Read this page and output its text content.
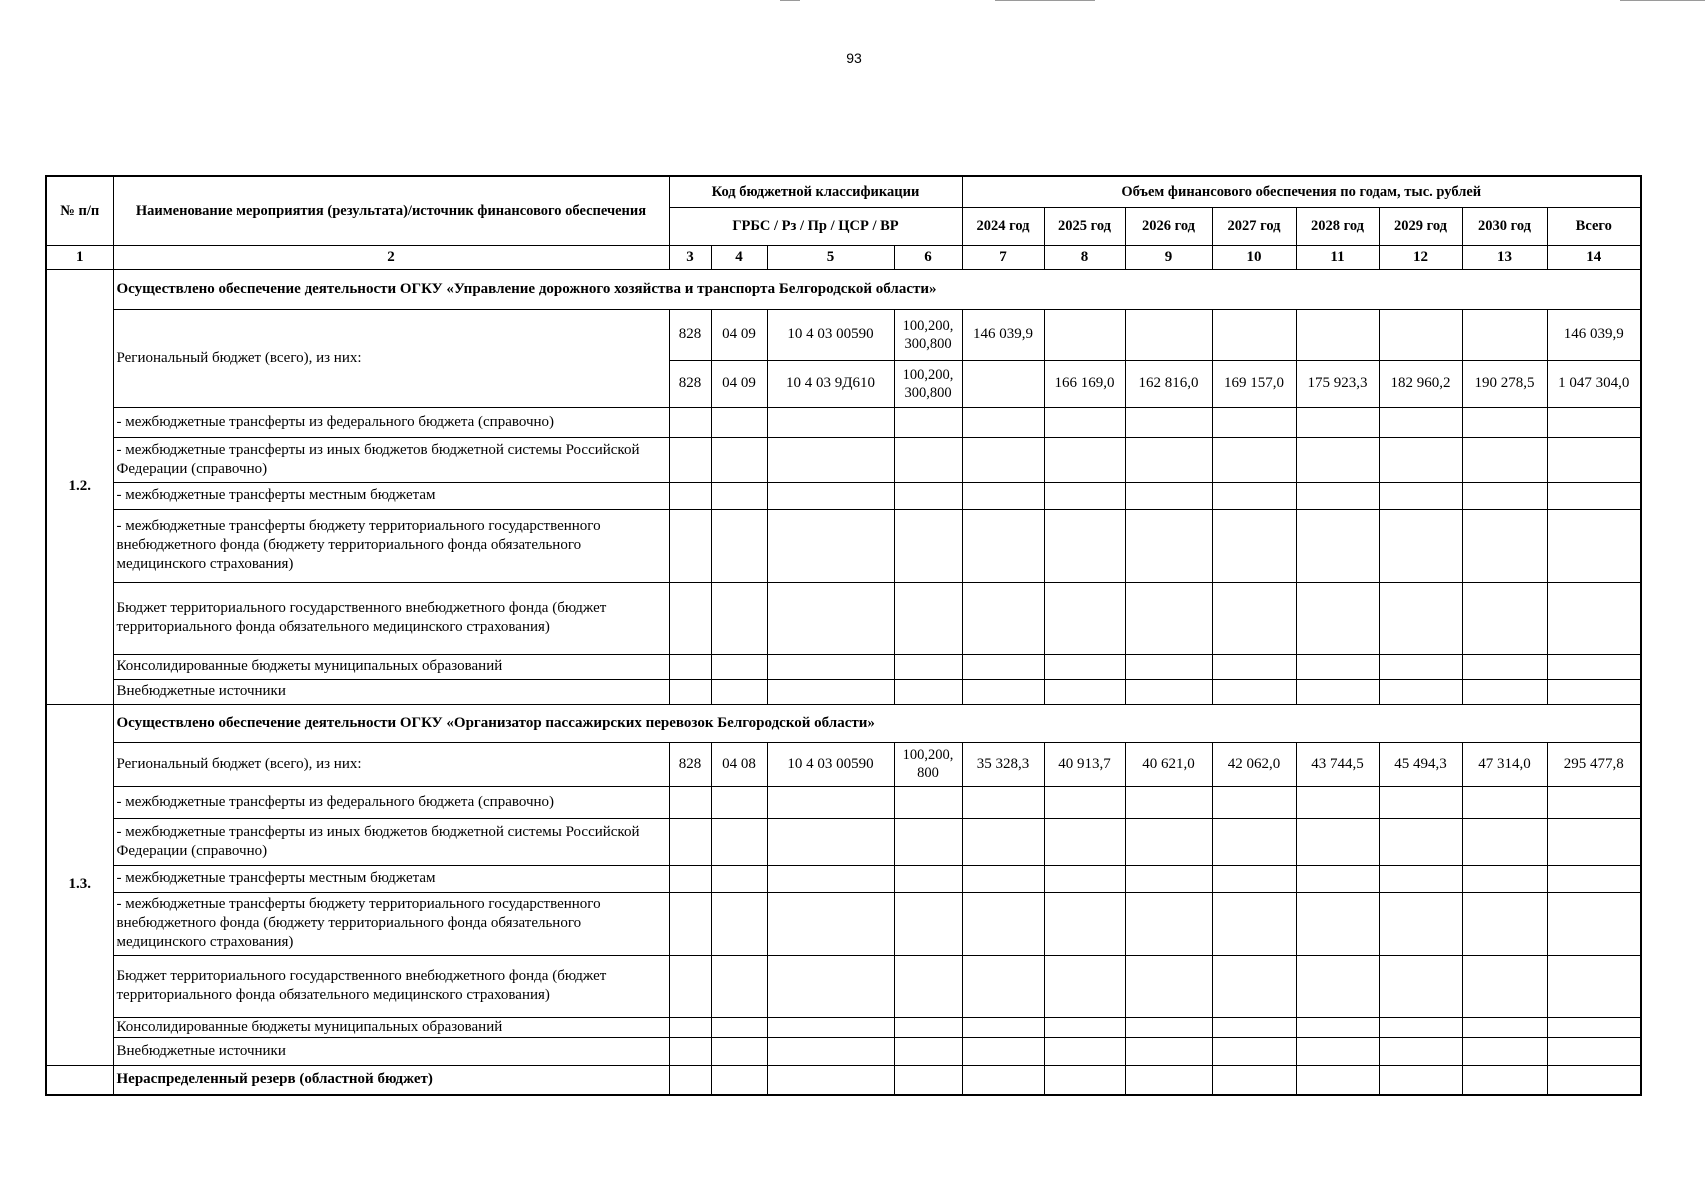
93
№ п/п	Наименование мероприятия (результата)/источник финансового обеспечения	Код бюджетной классификации				Объем финансового обеспечения по годам, тыс. рублей							
		ГРБС / Рз / Пр / ЦСР / ВР				2024 год	2025 год	2026 год	2027 год	2028 год	2029 год	2030 год	Всего
1	2	3	4	5	6	7	8	9	10	11	12	13	14
1.2.	Осуществлено обеспечение деятельности ОГКУ «Управление дорожного хозяйства и транспорта Белгородской области»												
	Региональный бюджет (всего), из них:	828	04 09	10 4 03 00590	100,200, 300,800	146 039,9							146 039,9
		828	04 09	10 4 03 9Д610	100,200, 300,800		166 169,0	162 816,0	169 157,0	175 923,3	182 960,2	190 278,5	1 047 304,0
	- межбюджетные трансферты из федерального бюджета (справочно)												
	- межбюджетные трансферты из иных бюджетов бюджетной системы Российской Федерации (справочно)												
	- межбюджетные трансферты местным бюджетам												
	- межбюджетные трансферты бюджету территориального государственного внебюджетного фонда (бюджету территориального фонда обязательного медицинского страхования)												
	Бюджет территориального государственного внебюджетного фонда (бюджет территориального фонда обязательного медицинского страхования)												
	Консолидированные бюджеты муниципальных образований												
	Внебюджетные источники												
1.3.	Осуществлено обеспечение деятельности ОГКУ «Организатор пассажирских перевозок Белгородской области»												
	Региональный бюджет (всего), из них:	828	04 08	10 4 03 00590	100,200, 800	35 328,3	40 913,7	40 621,0	42 062,0	43 744,5	45 494,3	47 314,0	295 477,8
	- межбюджетные трансферты из федерального бюджета (справочно)												
	- межбюджетные трансферты из иных бюджетов бюджетной системы Российской Федерации (справочно)												
	- межбюджетные трансферты местным бюджетам												
	- межбюджетные трансферты бюджету территориального государственного внебюджетного фонда (бюджету территориального фонда обязательного медицинского страхования)												
	Бюджет территориального государственного внебюджетного фонда (бюджет территориального фонда обязательного медицинского страхования)												
	Консолидированные бюджеты муниципальных образований												
	Внебюджетные источники												
	Нераспределенный резерв (областной бюджет)												
